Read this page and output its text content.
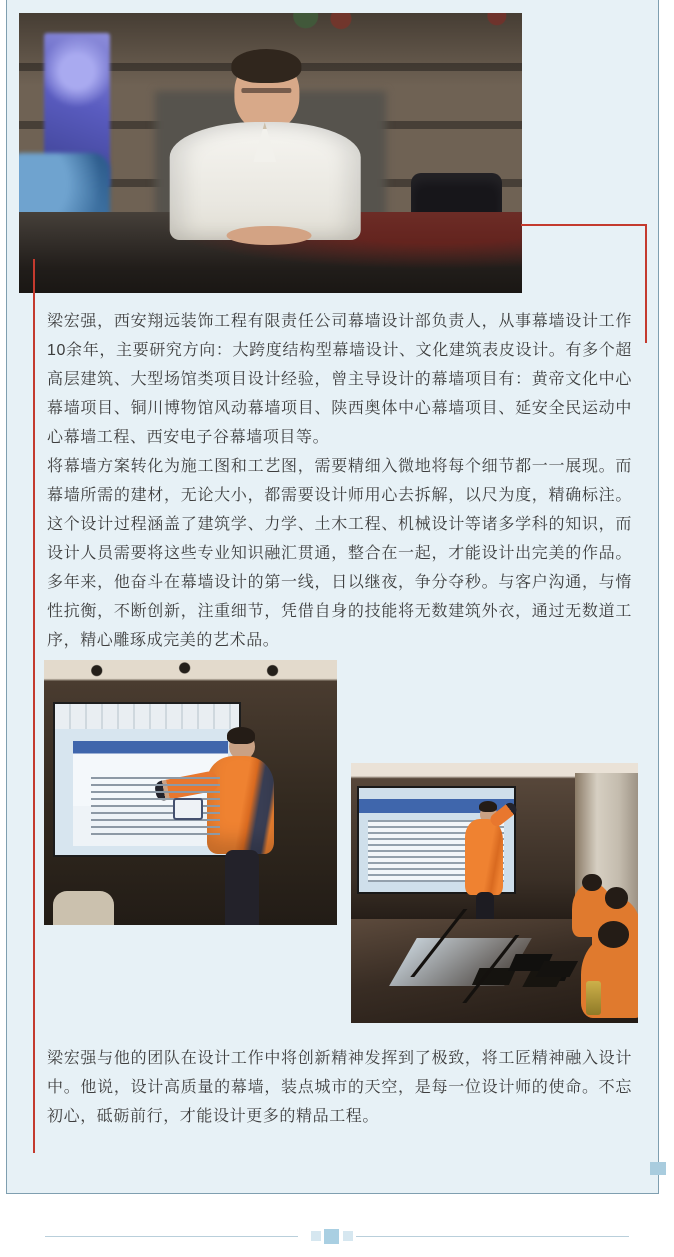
梁宏强，西安翔远装饰工程有限责任公司幕墙设计部负责人，从事幕墙设计工作10余年，主要研究方向：大跨度结构型幕墙设计、文化建筑表皮设计。有多个超高层建筑、大型场馆类项目设计经验，曾主导设计的幕墙项目有：黄帝文化中心幕墙项目、铜川博物馆风动幕墙项目、陕西奥体中心幕墙项目、延安全民运动中心幕墙工程、西安电子谷幕墙项目等。

将幕墙方案转化为施工图和工艺图，需要精细入微地将每个细节都一一展现。而幕墙所需的建材，无论大小，都需要设计师用心去拆解，以尺为度，精确标注。这个设计过程涵盖了建筑学、力学、土木工程、机械设计等诸多学科的知识，而设计人员需要将这些专业知识融汇贯通，整合在一起，才能设计出完美的作品。多年来，他奋斗在幕墙设计的第一线，日以继夜，争分夺秒。与客户沟通，与惰性抗衡，不断创新，注重细节，凭借自身的技能将无数建筑外衣，通过无数道工序，精心雕琢成完美的艺术品。

梁宏强与他的团队在设计工作中将创新精神发挥到了极致，将工匠精神融入设计中。他说，设计高质量的幕墙，装点城市的天空，是每一位设计师的使命。不忘初心，砥砺前行，才能设计更多的精品工程。
